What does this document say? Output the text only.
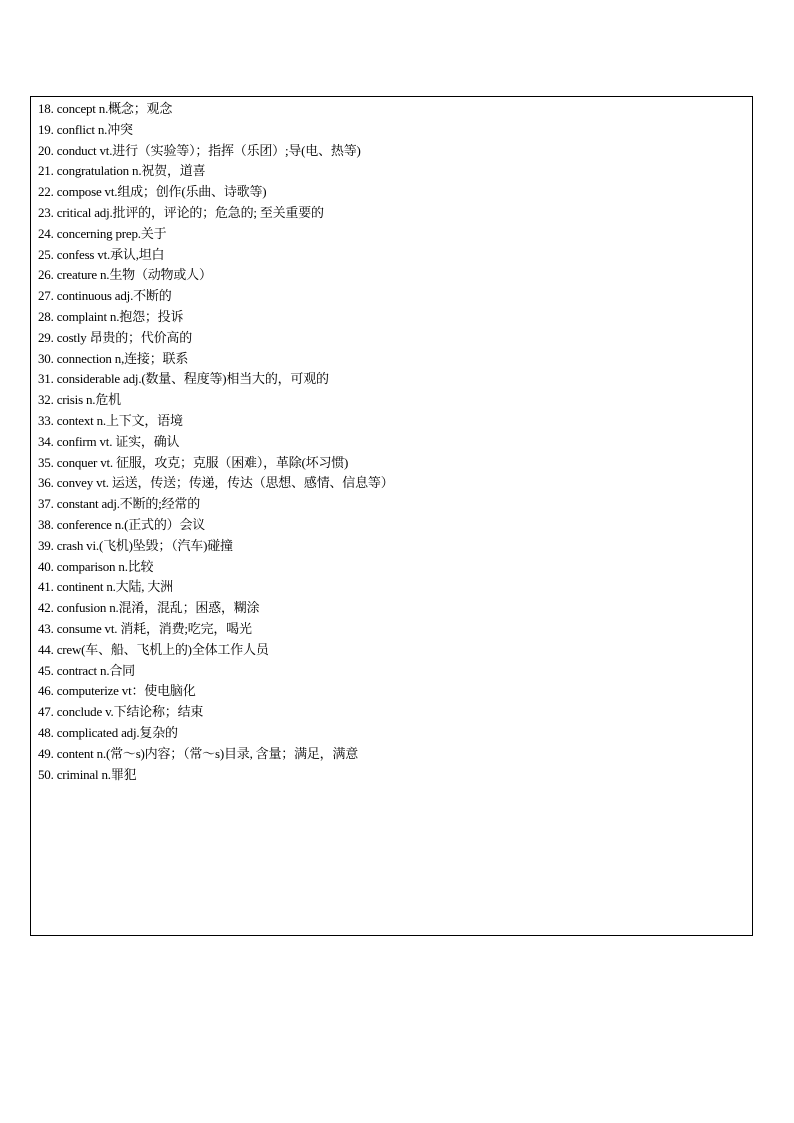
18. concept n.概念；观念
19. conflict n.冲突
20. conduct vt.进行（实验等）；指挥（乐团）;导(电、热等)
21. congratulation n.祝贺，道喜
22. compose vt.组成；创作(乐曲、诗歌等)
23. critical adj.批评的，评论的；危急的; 至关重要的
24. concerning prep.关于
25. confess vt.承认,坦白
26. creature n.生物（动物或人）
27. continuous adj.不断的
28. complaint n.抱怨；投诉
29. costly 昂贵的；代价高的
30. connection n,连接；联系
31. considerable adj.(数量、程度等)相当大的，可观的
32. crisis n.危机
33. context n.上下文，语境
34. confirm vt. 证实，确认
35. conquer vt. 征服，攻克；克服（困难），革除(坏习惯)
36. convey vt. 运送，传送；传递，传达（思想、感情、信息等）
37. constant adj.不断的;经常的
38. conference n.(正式的）会议
39. crash vi.(飞机)坠毁；（汽车)碰撞
40. comparison n.比较
41. continent n.大陆, 大洲
42. confusion n.混淆，混乱；困惑，糊涂
43. consume vt. 消耗，消费;吃完，喝光
44. crew(车、船、飞机上的)全体工作人员
45. contract n.合同
46. computerize vt：使电脑化
47. conclude v.下结论称；结束
48. complicated adj.复杂的
49. content n.(常～s)内容；（常～s)目录, 含量；满足，满意
50. criminal n.罪犯
